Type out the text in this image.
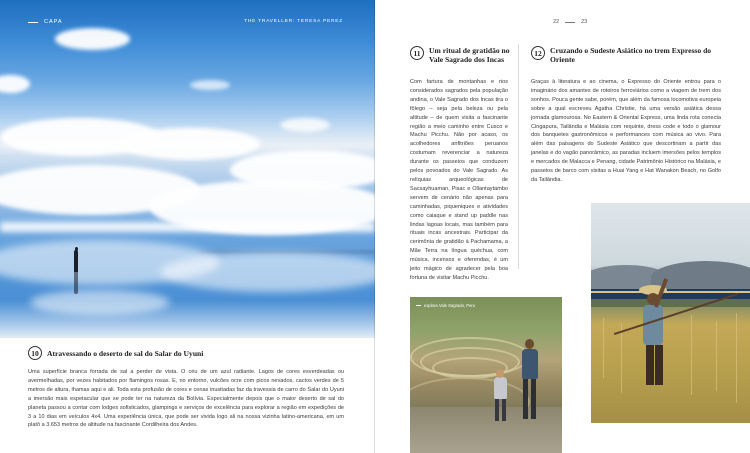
CAPA	THE TRAVELLER: TERESA PEREZ
10	Atravessando o deserto de sal do Salar do Uyuni

Uma superfície branca forrada de sal a perder de vista. O céu de um azul radiante. Lagos de cores esverdeadas ou avermelhadas, por vezes habitados por flamingos rosas. E, no entorno, vulcões ocre com picos nevados, cactos verdes de 5 metros de altura, lhamas aqui e ali. Toda esta profusão de cores e cenas inusitadas faz da travessia de carro do Salar do Uyuni a imersão mais espetacular que se pode ter na natureza da Bolívia. Especialmente depois que o maior deserto de sal do planeta passou a contar com lodges sofisticados, glampings e serviços de excelência para explorar a região em expedições de 3 a 10 dias em veículos 4x4. Uma experiência única, que pode ser vivida logo ali na nossa vizinha latino-americana, em um platô a 3.653 metros de altitude na fascinante Cordilheira dos Andes.

22	23
11	Um ritual de gratidão no Vale Sagrado dos Incas

Com fartura de montanhas e rios considerados sagrados pela população andina, o Vale Sagrado dos Incas tira o fôlego – seja pela beleza ou pela altitude – de quem visita a fascinante região a meio caminho entre Cusco e Machu Picchu. Não por acaso, os acolhedores anfitriões peruanos costumam reverenciar a natureza durante os passeios que conduzem pelos povoados do Vale Sagrado. As relíquias arqueológicas de Sacsayhuaman, Pisac e Ollantaytambo servem de cenário não apenas para caminhadas, piqueniques e atividades como caiaque e stand up paddle nas lindas lagoas locais, mas também para rituais incas ancestrais. Participar da cerimônia de gratidão à Pachamama, a Mãe Terra na língua quéchua, com música, incensos e oferendas, é um jeito mágico de agradecer pela boa fortuna de visitar Machu Picchu.

12	Cruzando o Sudeste Asiático no trem Expresso do Oriente

Graças à literatura e ao cinema, o Expresso do Oriente entrou para o imaginário dos amantes de roteiros ferroviários como a viagem de trem dos sonhos. Pouca gente sabe, porém, que além da famosa locomotiva europeia sobre a qual escreveu Agatha Christie, há uma versão asiática dessa jornada glamourosa. No Eastern & Oriental Express, uma linda rota conecta Cingapura, Tailândia e Malásia com requinte, dress code e todo o glamour dos banquetes gastronômicos e performances com música ao vivo. Para além das paisagens do Sudeste Asiático que descortinam a partir das janelas e do vagão panorâmico, as paradas incluem imersões pelos templos e mercados de Malacca e Penang, cidade Patrimônio Histórico na Malásia, e passeios de barco com visitas a Huai Yang e Hat Wanakon Beach, no Golfo da Tailândia.

explora Vale Sagrado, Peru
